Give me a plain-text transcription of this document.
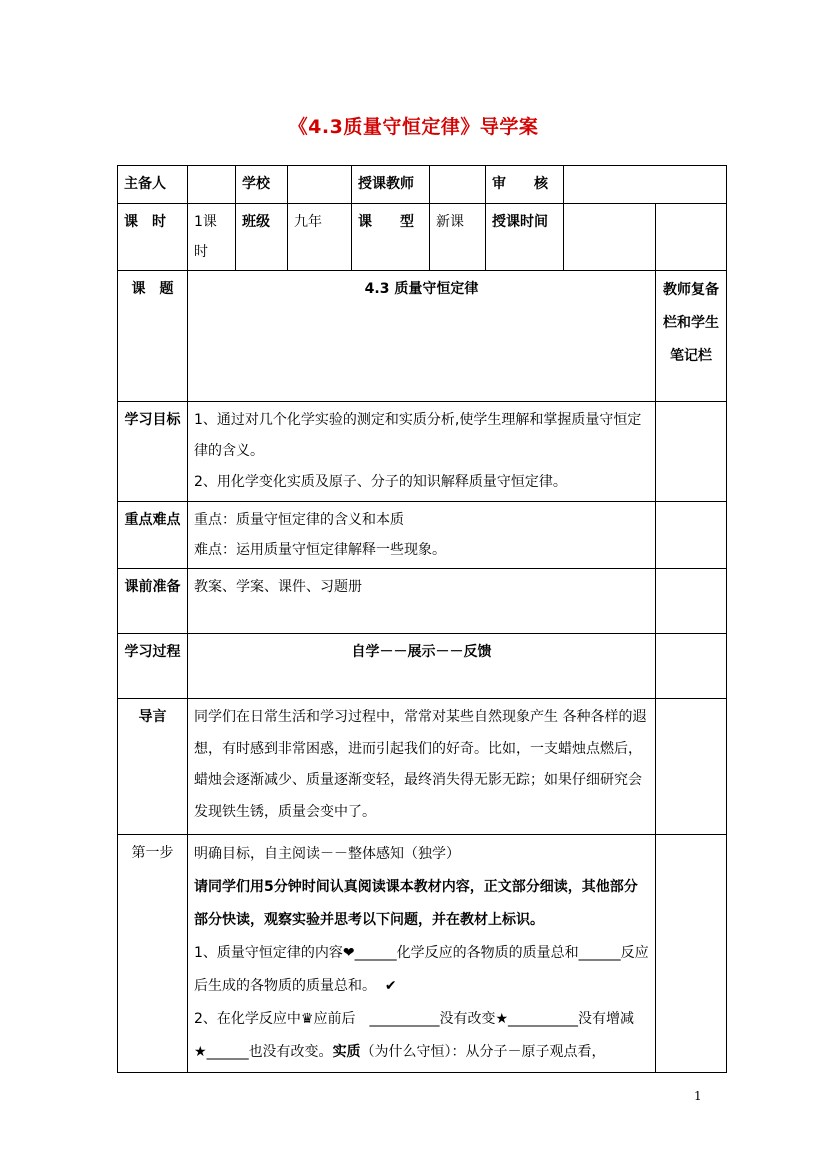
《4.3质量守恒定律》导学案
主备人		学校		授课教师		审　　核		
课　时	1课时	班级	九年	课　　型	新课	授课时间		
课　题	4.3 质量守恒定律							教师复备栏和学生笔记栏
学习目标	1、通过对几个化学实验的测定和实质分析,使学生理解和掌握质量守恒定律的含义。

2、用化学变化实质及原子、分子的知识解释质量守恒定律。							

重点难点	重点：质量守恒定律的含义和本质

难点：运用质量守恒定律解释一些现象。							

课前准备	教案、学案、课件、习题册							
学习过程	自学－－展示－－反馈							
导言	同学们在日常生活和学习过程中，常常对某些自然现象产生 各种各样的遐想，有时感到非常困惑，进而引起我们的好奇。比如，一支蜡烛点燃后，蜡烛会逐渐减少、质量逐渐变轻，最终消失得无影无踪；如果仔细研究会发现铁生锈，质量会变中了。							
第一步	明确目标，自主阅读－－整体感知（独学）

请同学们用5分钟时间认真阅读课本教材内容，正文部分细读，其他部分部分快读，观察实验并思考以下问题，并在教材上标识。

1、质量守恒定律的内容❤______化学反应的各物质的质量总和______反应后生成的各物质的质量总和。 ✔

2、在化学反应中♛应前后　__________没有改变★__________没有增减★______也没有改变。实质（为什么守恒）：从分子－原子观点看，							

1
